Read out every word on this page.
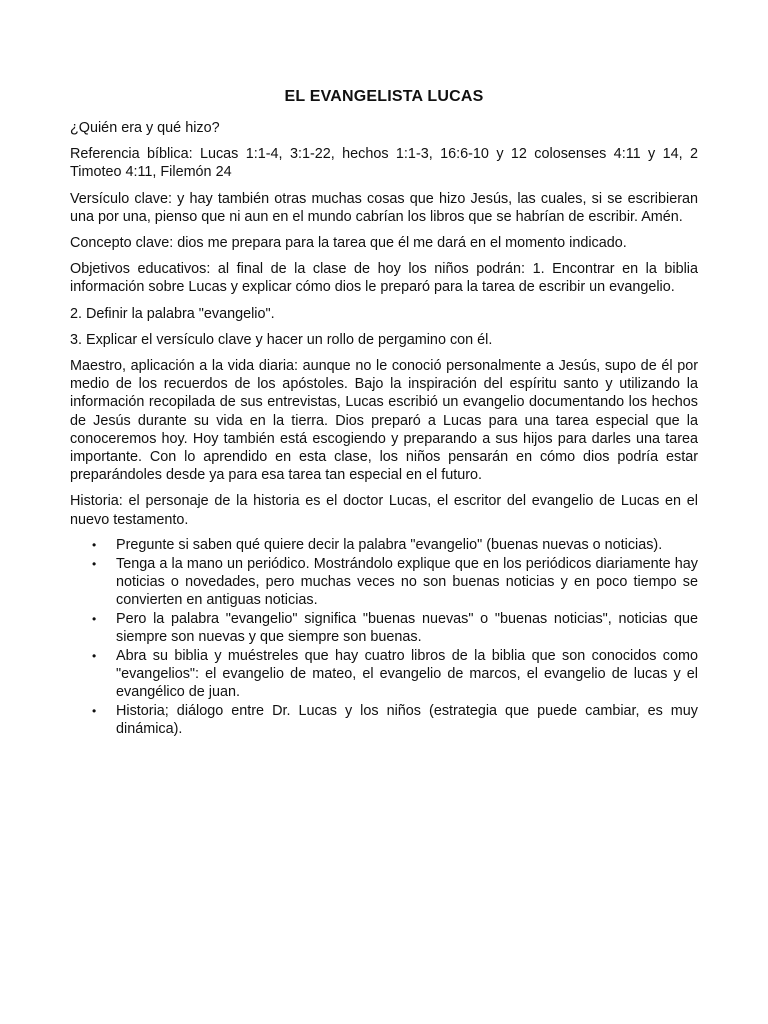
EL EVANGELISTA LUCAS

¿Quién era y qué hizo?

Referencia bíblica: Lucas 1:1-4, 3:1-22, hechos 1:1-3, 16:6-10 y 12 colosenses 4:11 y 14, 2 Timoteo 4:11, Filemón 24

Versículo clave: y hay también otras muchas cosas que hizo Jesús, las cuales, si se escribieran una por una, pienso que ni aun en el mundo cabrían los libros que se habrían de escribir. Amén.

Concepto clave: dios me prepara para la tarea que él me dará en el momento indicado.

Objetivos educativos: al final de la clase de hoy los niños podrán: 1. Encontrar en la biblia información sobre Lucas y explicar cómo dios le preparó para la tarea de escribir un evangelio.

2. Definir la palabra "evangelio".

3. Explicar el versículo clave y hacer un rollo de pergamino con él.

Maestro, aplicación a la vida diaria: aunque no le conoció personalmente a Jesús, supo de él por medio de los recuerdos de los apóstoles. Bajo la inspiración del espíritu santo y utilizando la información recopilada de sus entrevistas, Lucas escribió un evangelio documentando los hechos de Jesús durante su vida en la tierra. Dios preparó a Lucas para una tarea especial que la conoceremos hoy. Hoy también está escogiendo y preparando a sus hijos para darles una tarea importante. Con lo aprendido en esta clase, los niños pensarán en cómo dios podría estar preparándoles desde ya para esa tarea tan especial en el futuro.

Historia: el personaje de la historia es el doctor Lucas, el escritor del evangelio de Lucas en el nuevo testamento.

• Pregunte si saben qué quiere decir la palabra "evangelio" (buenas nuevas o noticias).
• Tenga a la mano un periódico. Mostrándolo explique que en los periódicos diariamente hay noticias o novedades, pero muchas veces no son buenas noticias y en poco tiempo se convierten en antiguas noticias.
• Pero la palabra "evangelio" significa "buenas nuevas" o "buenas noticias", noticias que siempre son nuevas y que siempre son buenas.
• Abra su biblia y muéstreles que hay cuatro libros de la biblia que son conocidos como "evangelios": el evangelio de mateo, el evangelio de marcos, el evangelio de lucas y el evangélico de juan.
• Historia; diálogo entre Dr. Lucas y los niños (estrategia que puede cambiar, es muy dinámica).
